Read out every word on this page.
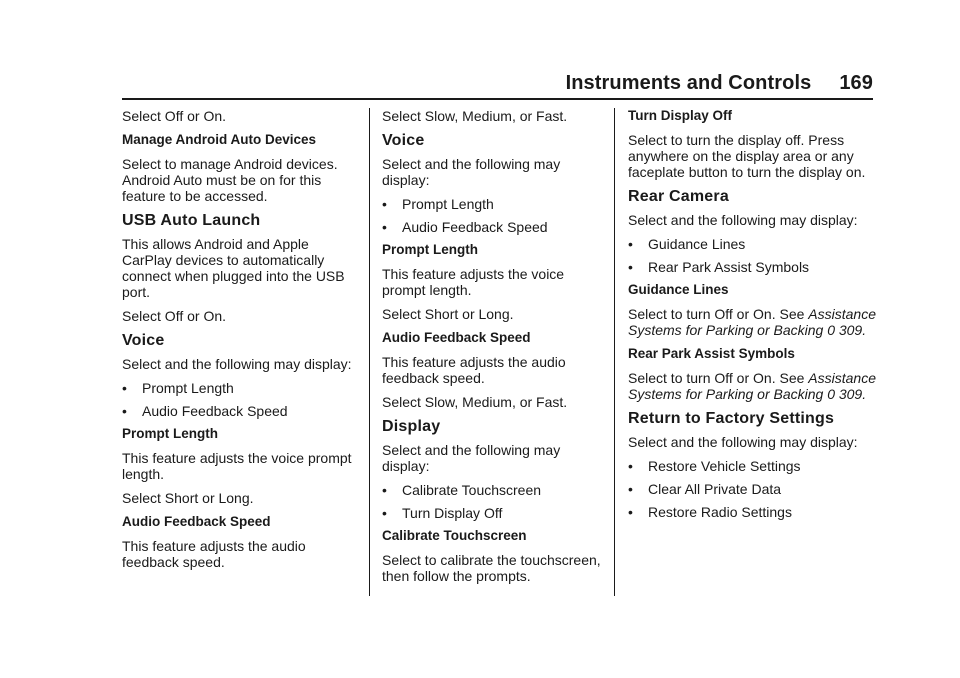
Instruments and Controls 169

Select Off or On.

Manage Android Auto Devices

Select to manage Android devices. Android Auto must be on for this feature to be accessed.

USB Auto Launch

This allows Android and Apple CarPlay devices to automatically connect when plugged into the USB port.

Select Off or On.

Voice

Select and the following may display:

•	Prompt Length
•	Audio Feedback Speed

Prompt Length

This feature adjusts the voice prompt length.

Select Short or Long.

Audio Feedback Speed

This feature adjusts the audio feedback speed.

Select Slow, Medium, or Fast.

Voice

Select and the following may display:

•	Prompt Length
•	Audio Feedback Speed

Prompt Length

This feature adjusts the voice prompt length.

Select Short or Long.

Audio Feedback Speed

This feature adjusts the audio feedback speed.

Select Slow, Medium, or Fast.

Display

Select and the following may display:

•	Calibrate Touchscreen
•	Turn Display Off

Calibrate Touchscreen

Select to calibrate the touchscreen, then follow the prompts.

Turn Display Off

Select to turn the display off. Press anywhere on the display area or any faceplate button to turn the display on.

Rear Camera

Select and the following may display:

•	Guidance Lines
•	Rear Park Assist Symbols

Guidance Lines

Select to turn Off or On. See Assistance Systems for Parking or Backing 0 309.

Rear Park Assist Symbols

Select to turn Off or On. See Assistance Systems for Parking or Backing 0 309.

Return to Factory Settings

Select and the following may display:

•	Restore Vehicle Settings
•	Clear All Private Data
•	Restore Radio Settings
